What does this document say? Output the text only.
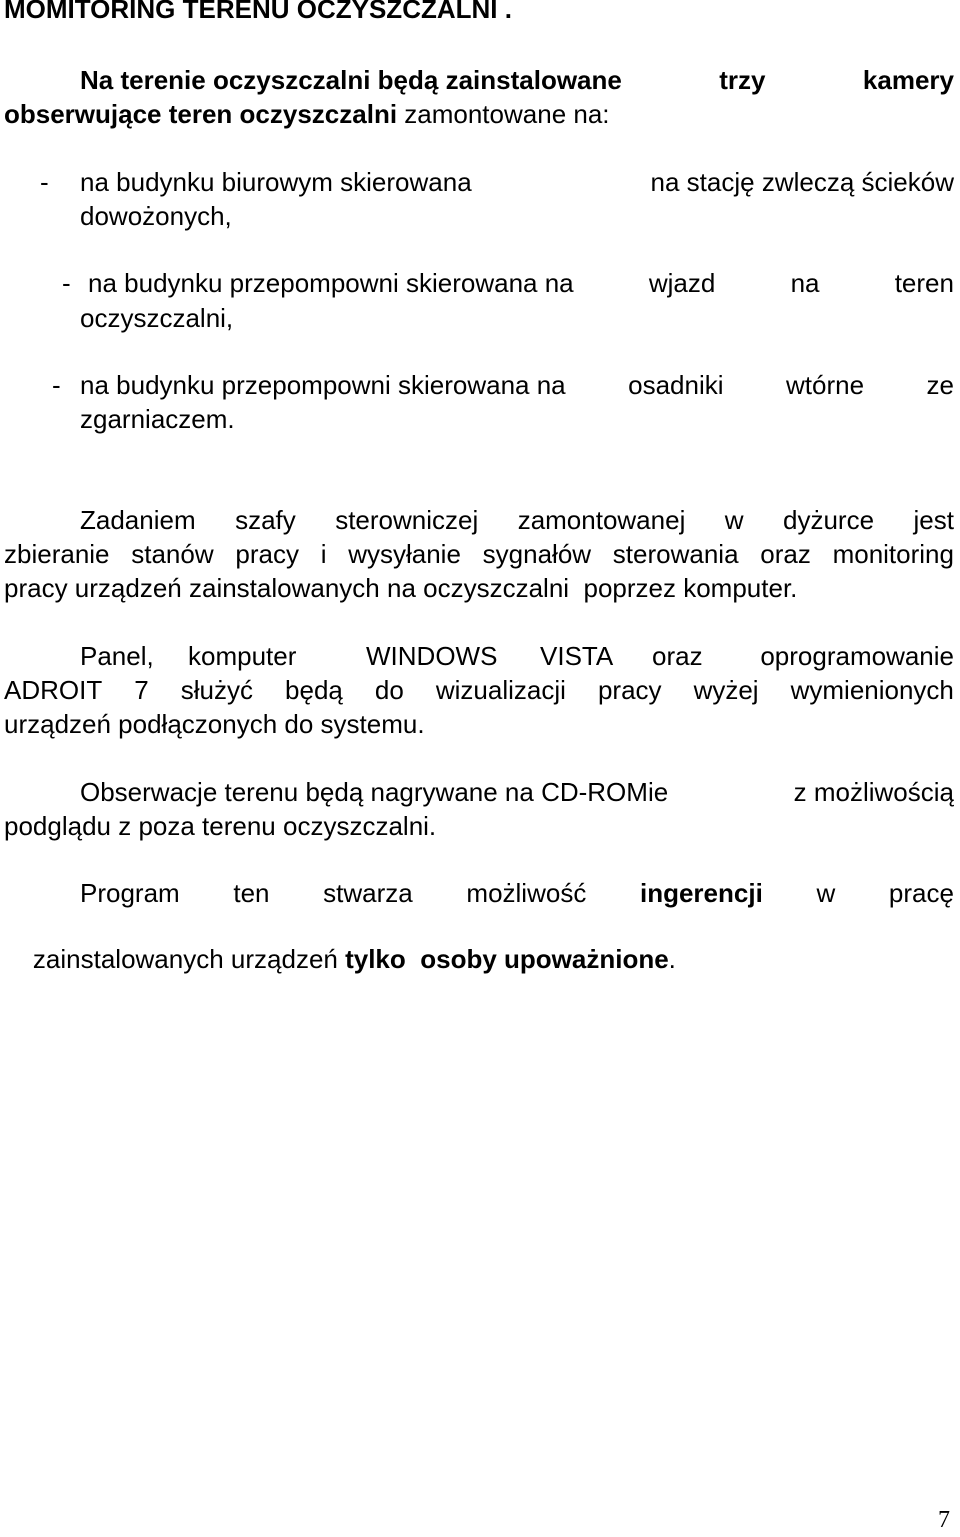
MOMITORING TERENU OCZYSZCZALNI .
Na terenie oczyszczalni będą zainstalowane	trzy	kamery
obserwujące teren oczyszczalni zamontowane na:
- na budynku biurowym skierowana	na stację zwleczą ścieków
dowożonych,
- na budynku przepompowni skierowana na	wjazd	na	teren
oczyszczalni,
- na budynku przepompowni skierowana na osadniki wtórne ze
zgarniaczem.
Zadaniem szafy sterowniczej zamontowanej w dyżurce jest
zbieranie stanów pracy i wysyłanie sygnałów sterowania oraz monitoring
pracy urządzeń zainstalowanych na oczyszczalni  poprzez komputer.
Panel, komputer	WINDOWS VISTA oraz oprogramowanie
ADROIT 7 służyć będą do wizualizacji pracy wyżej wymienionych
urządzeń podłączonych do systemu.
Obserwacje terenu będą nagrywane na CD-ROMie	z możliwością
podglądu z poza terenu oczyszczalni.
Program ten stwarza możliwość ingerencji w pracę

zainstalowanych urządzeń tylko  osoby upoważnione.

7
